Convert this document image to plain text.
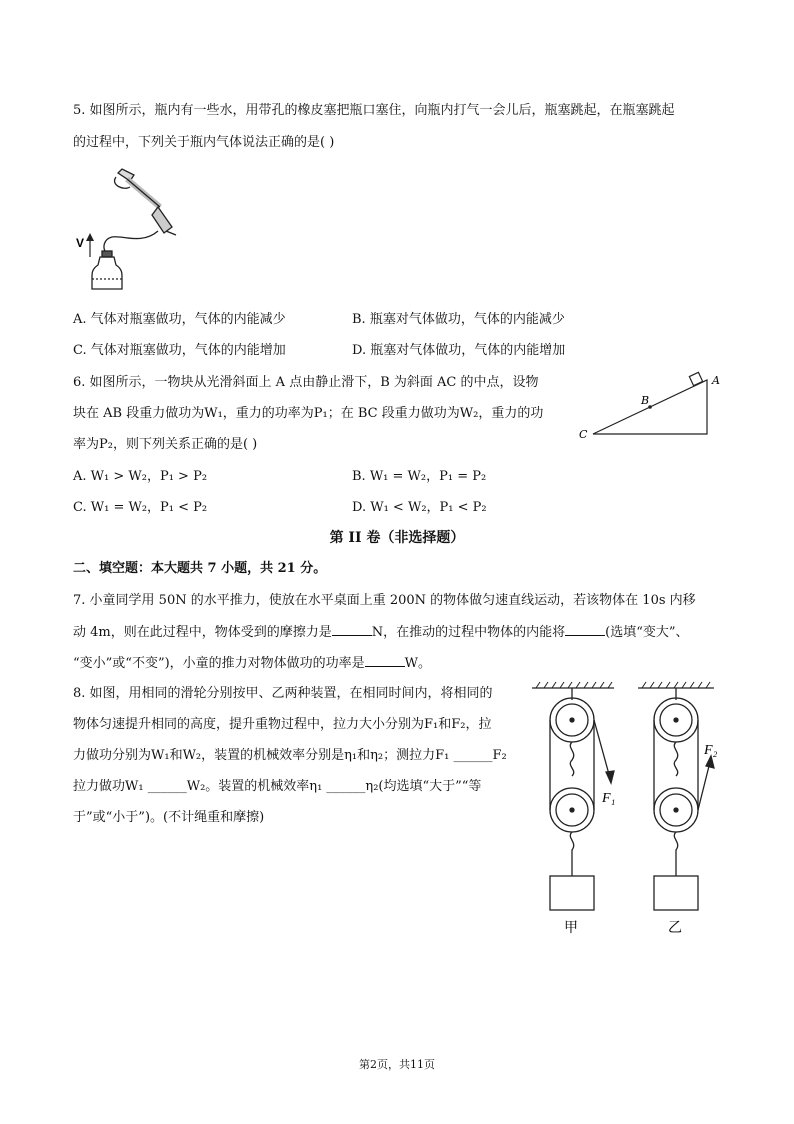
5. 如图所示，瓶内有一些水，用带孔的橡皮塞把瓶口塞住，向瓶内打气一会儿后，瓶塞跳起，在瓶塞跳起
的过程中，下列关于瓶内气体说法正确的是( )
V
A. 气体对瓶塞做功，气体的内能减少	B. 瓶塞对气体做功，气体的内能减少
C. 气体对瓶塞做功，气体的内能增加	D. 瓶塞对气体做功，气体的内能增加
6. 如图所示，一物块从光滑斜面上 A 点由静止滑下，B 为斜面 AC 的中点，设物
块在 AB 段重力做功为W₁，重力的功率为P₁；在 BC 段重力做功为W₂，重力的功
率为P₂，则下列关系正确的是( )
A
B
C
A. W₁ > W₂，P₁ > P₂	B. W₁ = W₂，P₁ = P₂
C. W₁ = W₂，P₁ < P₂	D. W₁ < W₂，P₁ < P₂
第 II 卷（非选择题）
二、填空题：本大题共 7 小题，共 21 分。
7. 小童同学用 50N 的水平推力，使放在水平桌面上重 200N 的物体做匀速直线运动，若该物体在 10s 内移
动 4m，则在此过程中，物体受到的摩擦力是	N，在推动的过程中物体的内能将	(选填“变大”、
“变小”或“不变”)，小童的推力对物体做功的功率是	W。
8. 如图，用相同的滑轮分别按甲、乙两种装置，在相同时间内，将相同的
物体匀速提升相同的高度，提升重物过程中，拉力大小分别为F₁和F₂，拉
力做功分别为W₁和W₂，装置的机械效率分别是η₁和η₂；测拉力F₁ ______F₂
拉力做功W₁ ______W₂。装置的机械效率η₁ ______η₂(均选填“大于”“等
于”或“小于”)。(不计绳重和摩擦)
F₁
F₂
甲	乙
第2页，共11页
